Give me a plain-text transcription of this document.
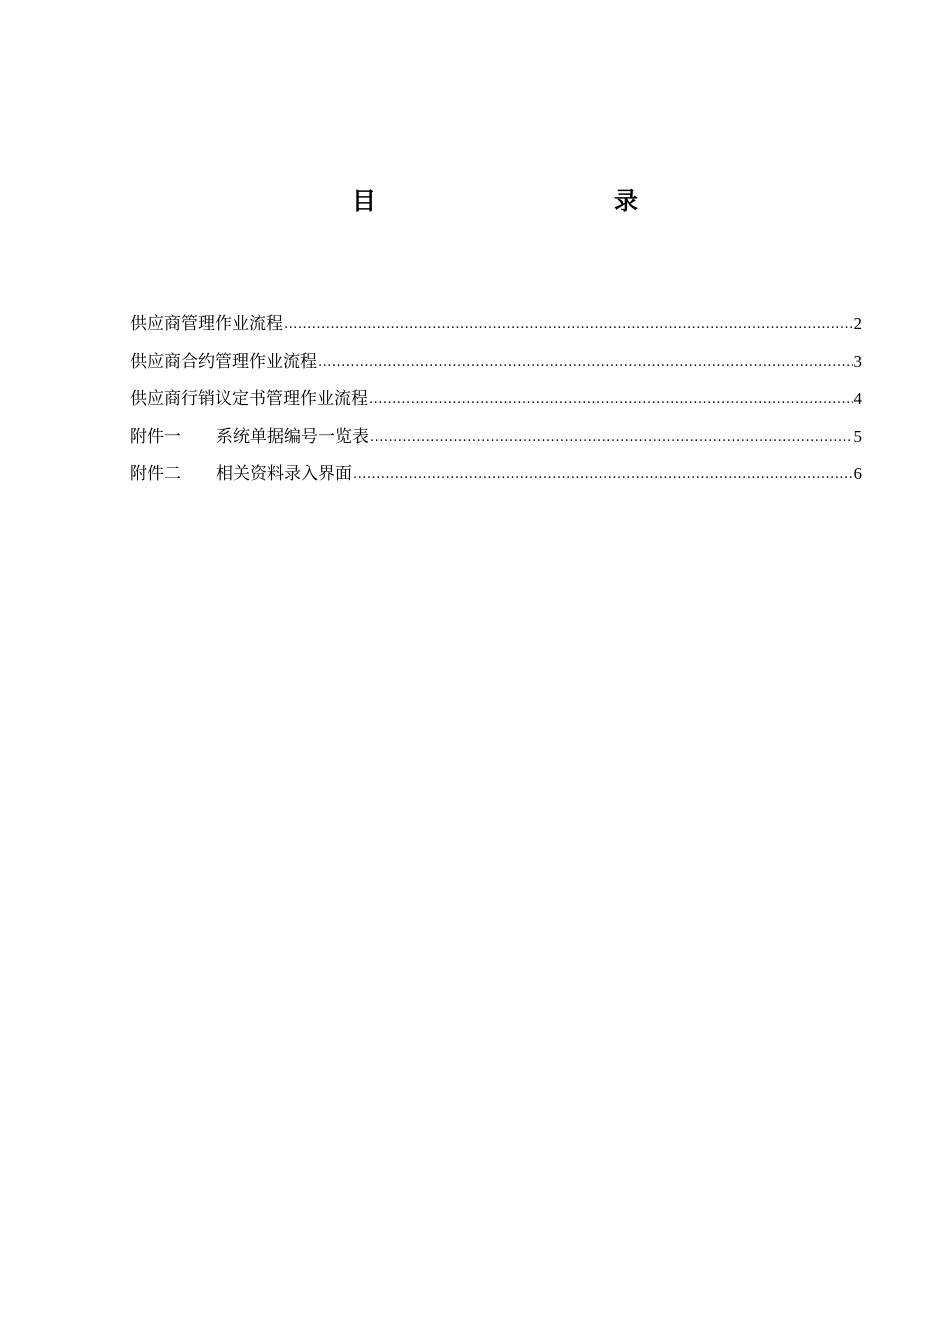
目	录
供应商管理作业流程 .....	2
供应商合约管理作业流程 .....	3
供应商行销议定书管理作业流程 .....	4
附件一 系统单据编号一览表 .....	5
附件二 相关资料录入界面 .....	6
